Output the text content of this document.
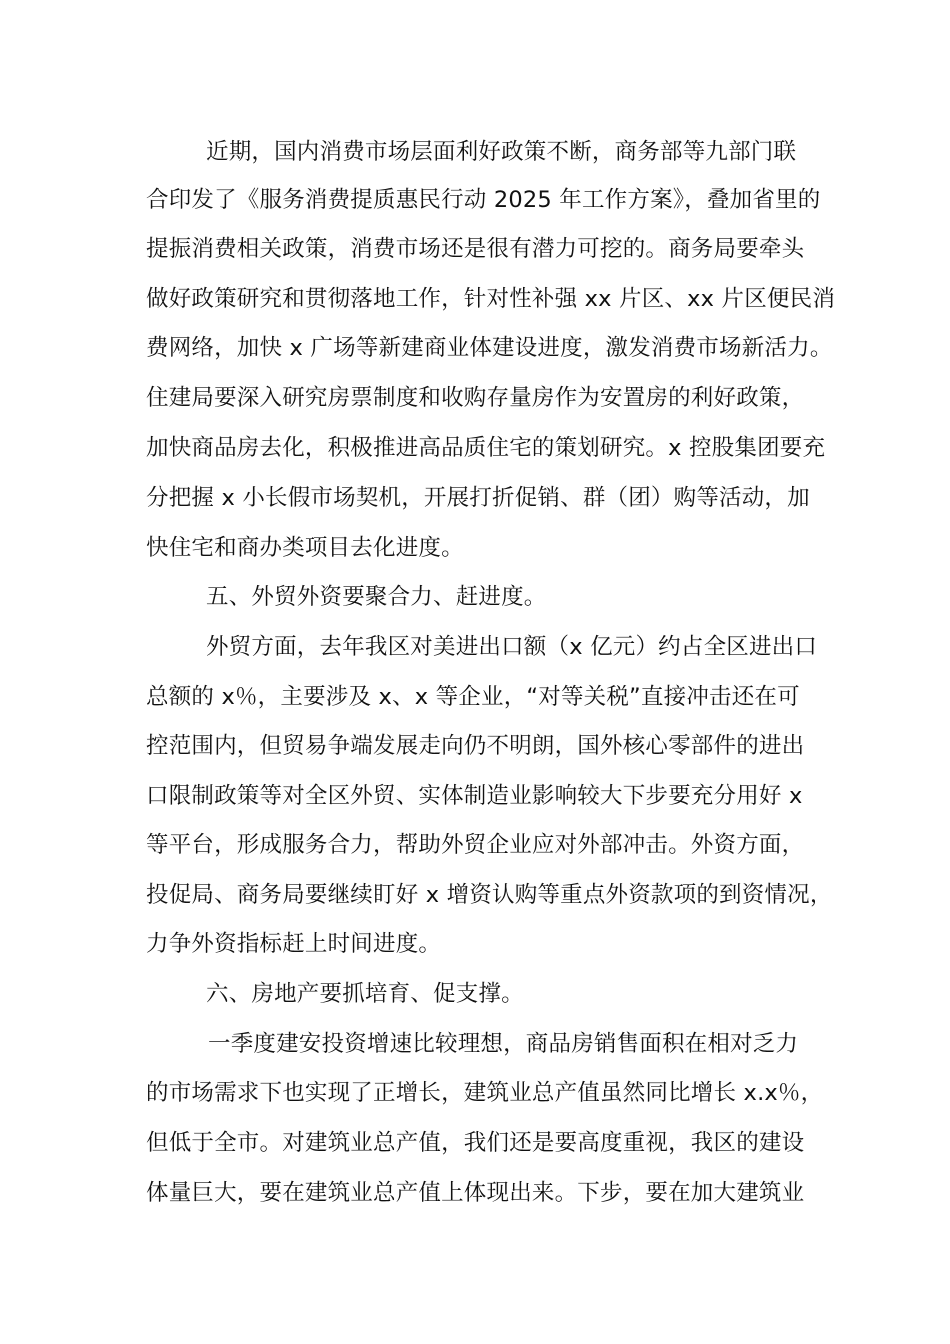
近期，国内消费市场层面利好政策不断，商务部等九部门联
合印发了《服务消费提质惠民行动 2025 年工作方案》，叠加省里的
提振消费相关政策，消费市场还是很有潜力可挖的。商务局要牵头
做好政策研究和贯彻落地工作，针对性补强 xx 片区、xx 片区便民消
费网络，加快 x 广场等新建商业体建设进度，激发消费市场新活力。
住建局要深入研究房票制度和收购存量房作为安置房的利好政策，
加快商品房去化，积极推进高品质住宅的策划研究。x 控股集团要充
分把握 x 小长假市场契机，开展打折促销、群（团）购等活动，加
快住宅和商办类项目去化进度。
五、外贸外资要聚合力、赶进度。
外贸方面，去年我区对美进出口额（x 亿元）约占全区进出口
总额的 x％，主要涉及 x、x 等企业，“对等关税”直接冲击还在可
控范围内，但贸易争端发展走向仍不明朗，国外核心零部件的进出
口限制政策等对全区外贸、实体制造业影响较大下步要充分用好 x
等平台，形成服务合力，帮助外贸企业应对外部冲击。外资方面，
投促局、商务局要继续盯好 x 增资认购等重点外资款项的到资情况，
力争外资指标赶上时间进度。
六、房地产要抓培育、促支撑。
一季度建安投资增速比较理想，商品房销售面积在相对乏力
的市场需求下也实现了正增长，建筑业总产值虽然同比增长 x.x％，
但低于全市。对建筑业总产值，我们还是要高度重视，我区的建设
体量巨大，要在建筑业总产值上体现出来。下步，要在加大建筑业
